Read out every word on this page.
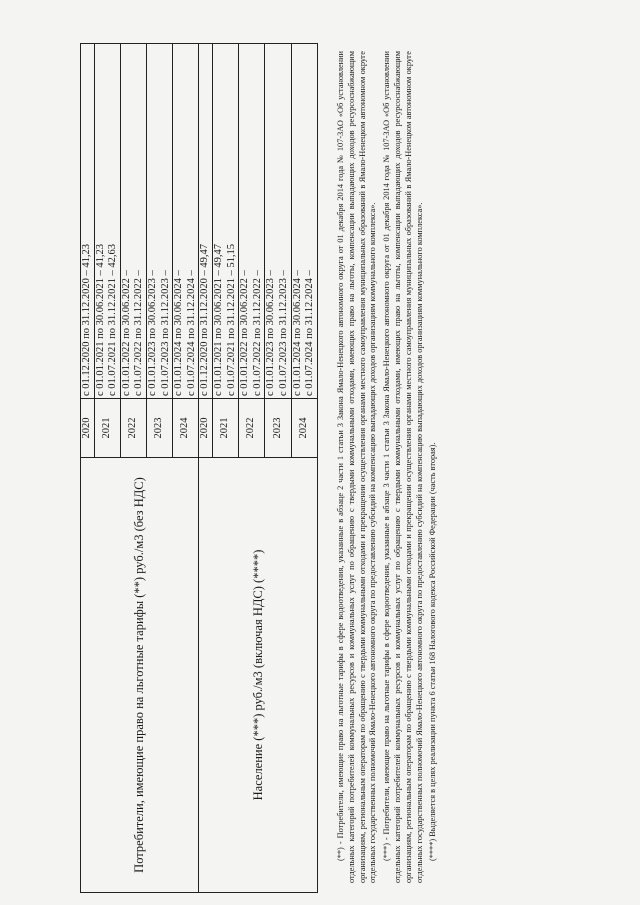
Потребители, имеющие право на льготные тарифы (**) руб./м3 (без НДС)	2020	с 01.12.2020 по 31.12.2020 – 41,23

	2021	с 01.01.2021 по 30.06.2021 – 41,23 с 01.07.2021 по 31.12.2021 – 42,63

	2022	с 01.01.2022 по 30.06.2022 – с 01.07.2022 по 31.12.2022 –

	2023	с 01.01.2023 по 30.06.2023 – с 01.07.2023 по 31.12.2023 –

	2024	с 01.01.2024 по 30.06.2024 – с 01.07.2024 по 31.12.2024 –

Население (***) руб./м3 (включая НДС) (****)	2020	с 01.12.2020 по 31.12.2020 – 49,47

	2021	с 01.01.2021 по 30.06.2021 – 49,47 с 01.07.2021 по 31.12.2021 – 51,15

	2022	с 01.01.2022 по 30.06.2022 – с 01.07.2022 по 31.12.2022 –

	2023	с 01.01.2023 по 30.06.2023 – с 01.07.2023 по 31.12.2023 –

	2024	с 01.01.2024 по 30.06.2024 – с 01.07.2024 по 31.12.2024 –	(**) - Потребители, имеющие право на льготные тарифы в сфере водоотведения, указанные в абзаце 2 части 1 статьи 3 Закона Ямало-Ненецкого автономного округа от 01 декабря 2014 года № 107-ЗАО «Об установлении отдельных категорий потребителей коммунальных ресурсов и коммунальных услуг по обращению с твердыми коммунальными отходами, имеющих право на льготы, компенсации выпадающих доходов ресурсоснабжающим организациям, региональным операторам по обращению с твердыми коммунальными отходами и прекращении осуществления органами местного самоуправления муниципальных образований в Ямало-Ненецком автономном округе отдельных государственных полномочий Ямало-Ненецкого автономного округа по предоставлению субсидий на компенсацию выпадающих доходов организациям коммунального комплекса». (***) - Потребители, имеющие право на льготные тарифы в сфере водоотведения, указанные в абзаце 3 части 1 статьи 3 Закона Ямало-Ненецкого автономного округа от 01 декабря 2014 года № 107-ЗАО «Об установлении отдельных категорий потребителей коммунальных ресурсов и коммунальных услуг по обращению с твердыми коммунальными отходами, имеющих право на льготы, компенсации выпадающих доходов ресурсоснабжающим организациям, региональным операторам по обращению с твердыми коммунальными отходами и прекращении осуществления органами местного самоуправления муниципальных образований в Ямало-Ненецком автономном округе отдельных государственных полномочий Ямало-Ненецкого автономного округа по предоставлению субсидий на компенсацию выпадающих доходов организациям коммунального комплекса». (****) Выделяется в целях реализации пункта 6 статьи 168 Налогового кодекса Российской Федерации (часть вторая).
